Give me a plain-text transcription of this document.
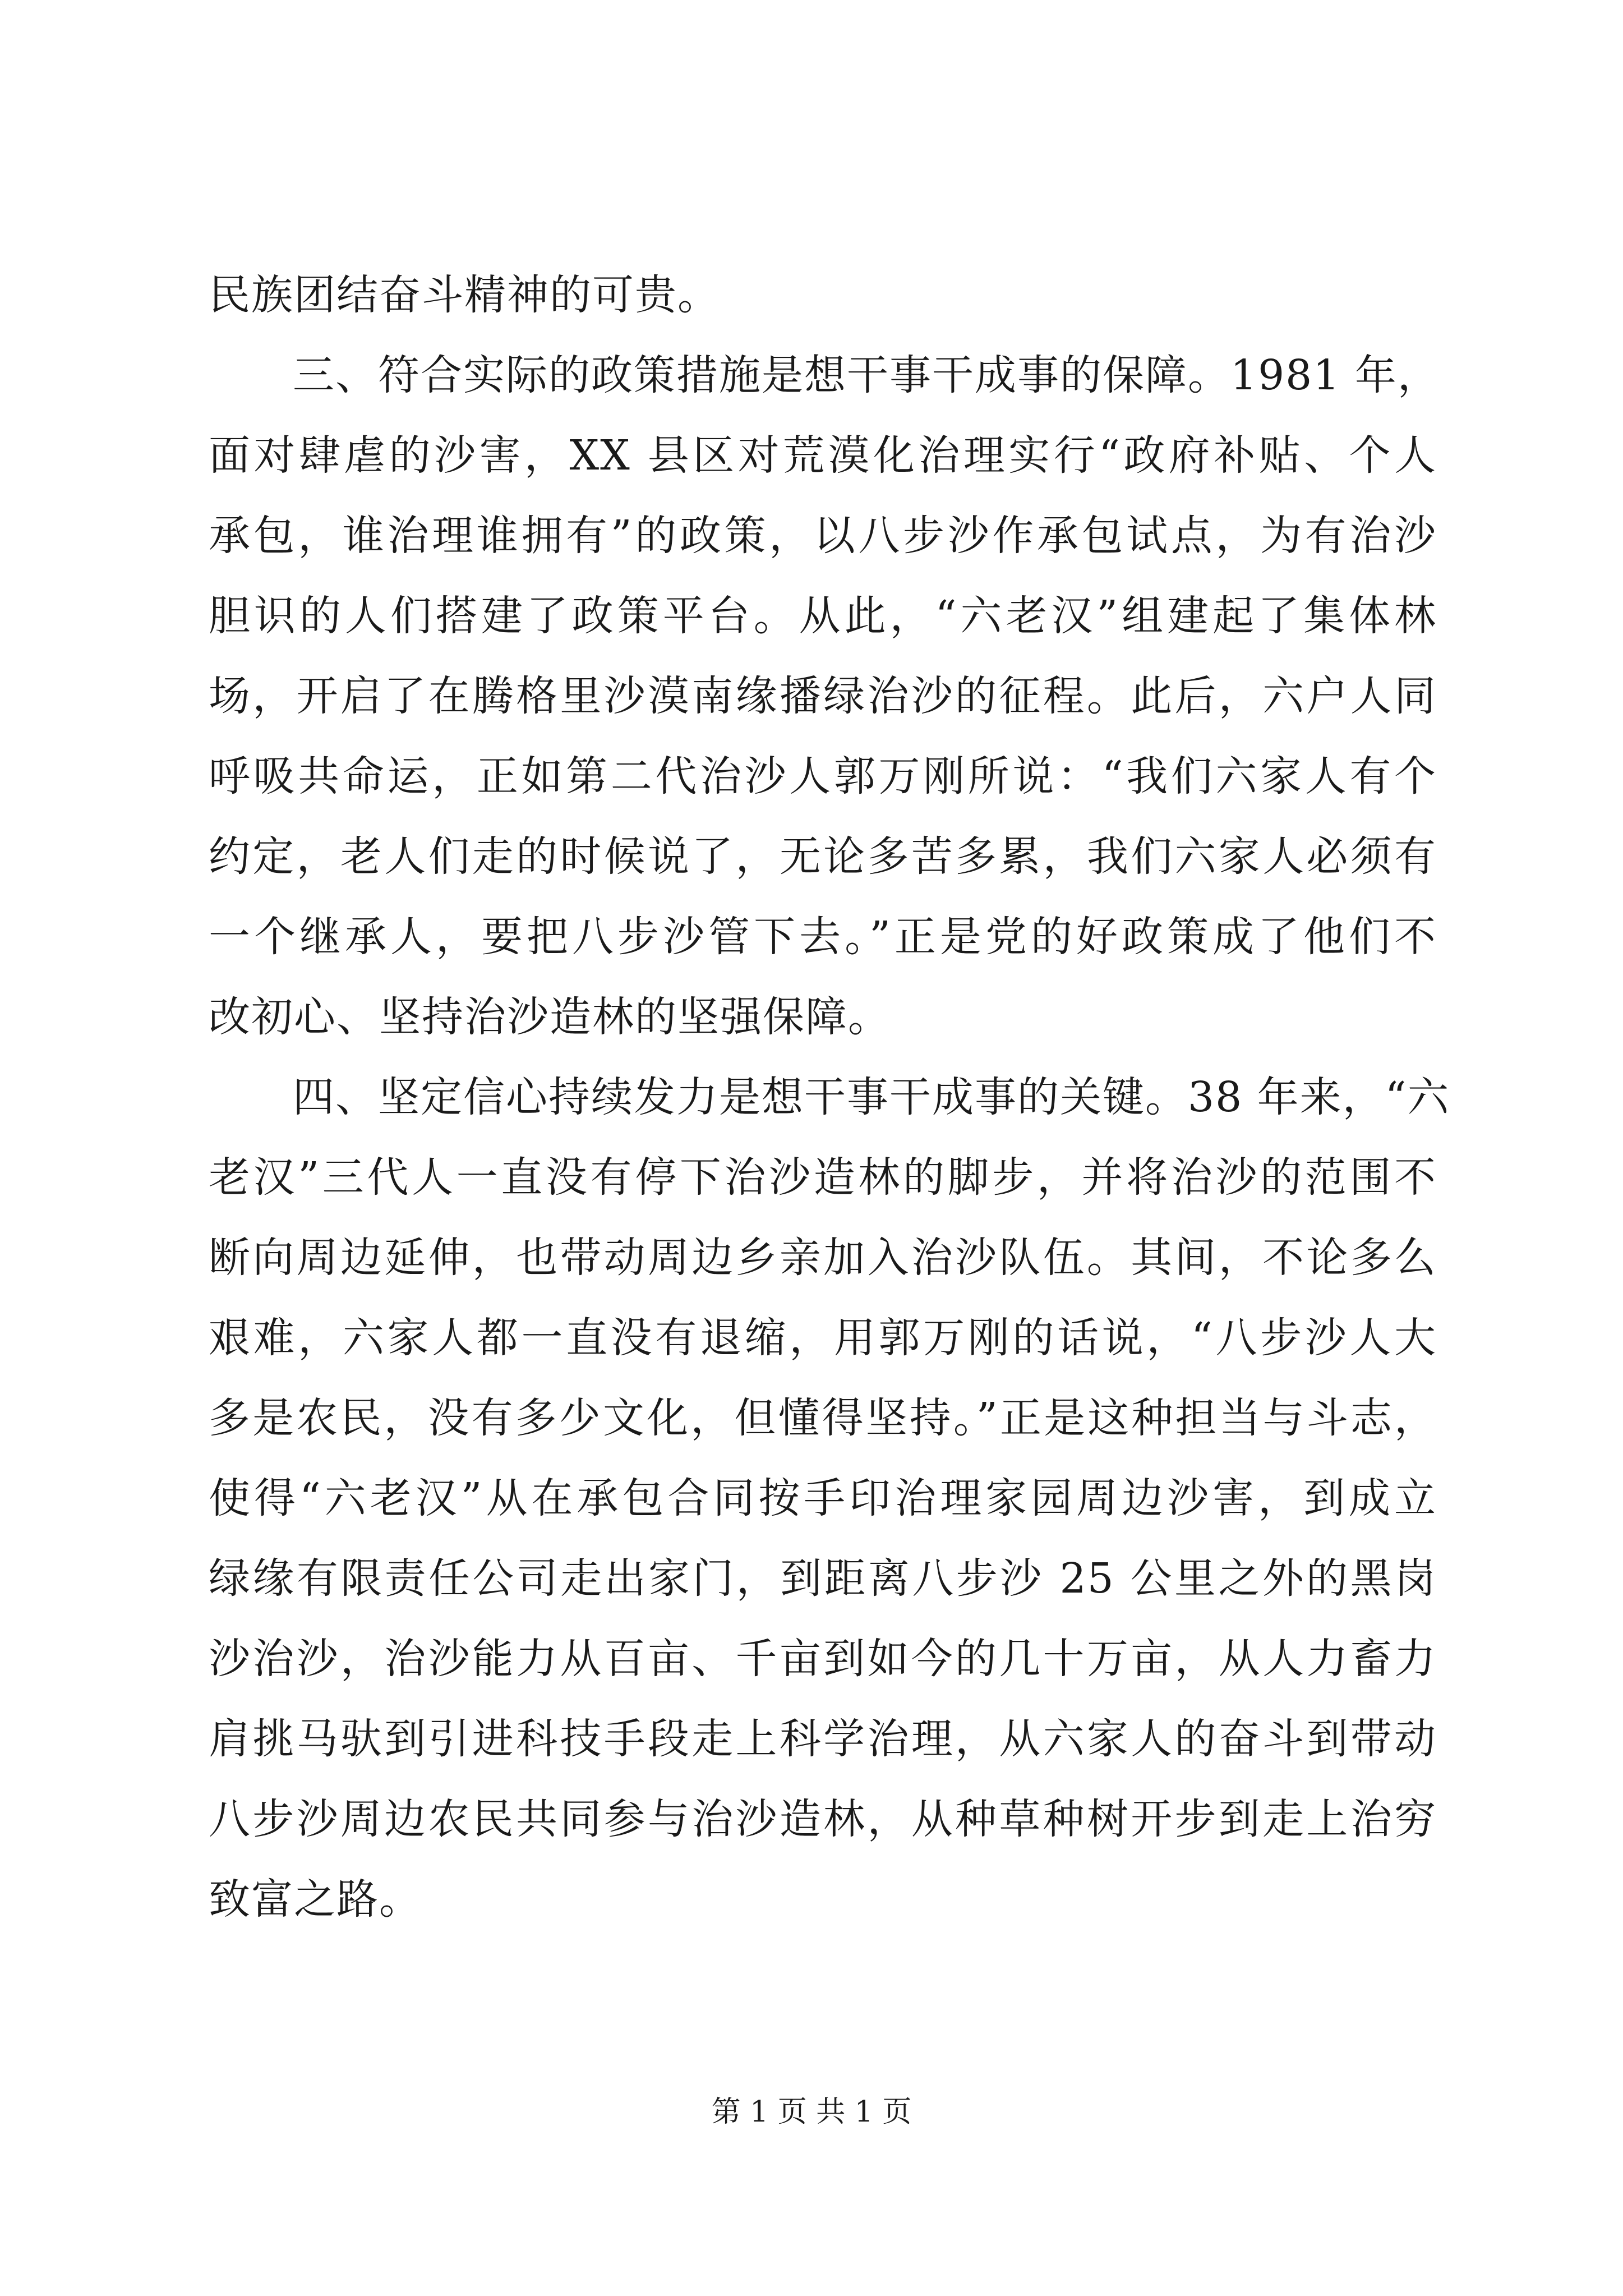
民族团结奋斗精神的可贵。
三、符合实际的政策措施是想干事干成事的保障。1981 年，
面对肆虐的沙害，XX 县区对荒漠化治理实行“政府补贴、个人
承包，谁治理谁拥有”的政策，以八步沙作承包试点，为有治沙
胆识的人们搭建了政策平台。从此，“六老汉”组建起了集体林
场，开启了在腾格里沙漠南缘播绿治沙的征程。此后，六户人同
呼吸共命运，正如第二代治沙人郭万刚所说：“我们六家人有个
约定，老人们走的时候说了，无论多苦多累，我们六家人必须有
一个继承人，要把八步沙管下去。”正是党的好政策成了他们不
改初心、坚持治沙造林的坚强保障。
四、坚定信心持续发力是想干事干成事的关键。38 年来，“六
老汉”三代人一直没有停下治沙造林的脚步，并将治沙的范围不
断向周边延伸，也带动周边乡亲加入治沙队伍。其间，不论多么
艰难，六家人都一直没有退缩，用郭万刚的话说，“八步沙人大
多是农民，没有多少文化，但懂得坚持。”正是这种担当与斗志，
使得“六老汉”从在承包合同按手印治理家园周边沙害，到成立
绿缘有限责任公司走出家门，到距离八步沙 25 公里之外的黑岗
沙治沙，治沙能力从百亩、千亩到如今的几十万亩，从人力畜力
肩挑马驮到引进科技手段走上科学治理，从六家人的奋斗到带动
八步沙周边农民共同参与治沙造林，从种草种树开步到走上治穷
致富之路。
第 1 页 共 1 页
